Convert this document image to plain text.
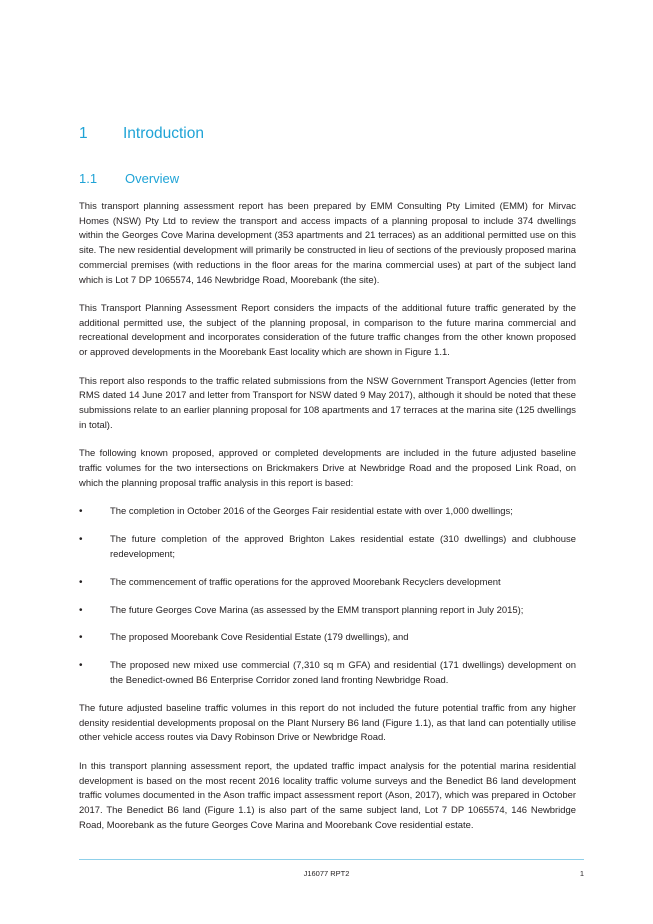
1 Introduction
1.1 Overview

This transport planning assessment report has been prepared by EMM Consulting Pty Limited (EMM) for Mirvac Homes (NSW) Pty Ltd to review the transport and access impacts of a planning proposal to include 374 dwellings within the Georges Cove Marina development (353 apartments and 21 terraces) as an additional permitted use on this site. The new residential development will primarily be constructed in lieu of sections of the previously proposed marina commercial premises (with reductions in the floor areas for the marina commercial uses) at part of the subject land which is Lot 7 DP 1065574, 146 Newbridge Road, Moorebank (the site).

This Transport Planning Assessment Report considers the impacts of the additional future traffic generated by the additional permitted use, the subject of the planning proposal, in comparison to the future marina commercial and recreational development and incorporates consideration of the future traffic changes from the other known proposed or approved developments in the Moorebank East locality which are shown in Figure 1.1.

This report also responds to the traffic related submissions from the NSW Government Transport Agencies (letter from RMS dated 14 June 2017 and letter from Transport for NSW dated 9 May 2017), although it should be noted that these submissions relate to an earlier planning proposal for 108 apartments and 17 terraces at the marina site (125 dwellings in total).

The following known proposed, approved or completed developments are included in the future adjusted baseline traffic volumes for the two intersections on Brickmakers Drive at Newbridge Road and the proposed Link Road, on which the planning proposal traffic analysis in this report is based:

•	The completion in October 2016 of the Georges Fair residential estate with over 1,000 dwellings;
•	The future completion of the approved Brighton Lakes residential estate (310 dwellings) and clubhouse redevelopment;
•	The commencement of traffic operations for the approved Moorebank Recyclers development
•	The future Georges Cove Marina (as assessed by the EMM transport planning report in July 2015);
•	The proposed Moorebank Cove Residential Estate (179 dwellings), and
•	The proposed new mixed use commercial (7,310 sq m GFA) and residential (171 dwellings) development on the Benedict-owned B6 Enterprise Corridor zoned land fronting Newbridge Road.

The future adjusted baseline traffic volumes in this report do not included the future potential traffic from any higher density residential developments proposal on the Plant Nursery B6 land (Figure 1.1), as that land can potentially utilise other vehicle access routes via Davy Robinson Drive or Newbridge Road.

In this transport planning assessment report, the updated traffic impact analysis for the potential marina residential development is based on the most recent 2016 locality traffic volume surveys and the Benedict B6 land development traffic volumes documented in the Ason traffic impact assessment report (Ason, 2017), which was prepared in October 2017. The Benedict B6 land (Figure 1.1) is also part of the same subject land, Lot 7 DP 1065574, 146 Newbridge Road, Moorebank as the future Georges Cove Marina and Moorebank Cove residential estate.

J16077 RPT2	1
